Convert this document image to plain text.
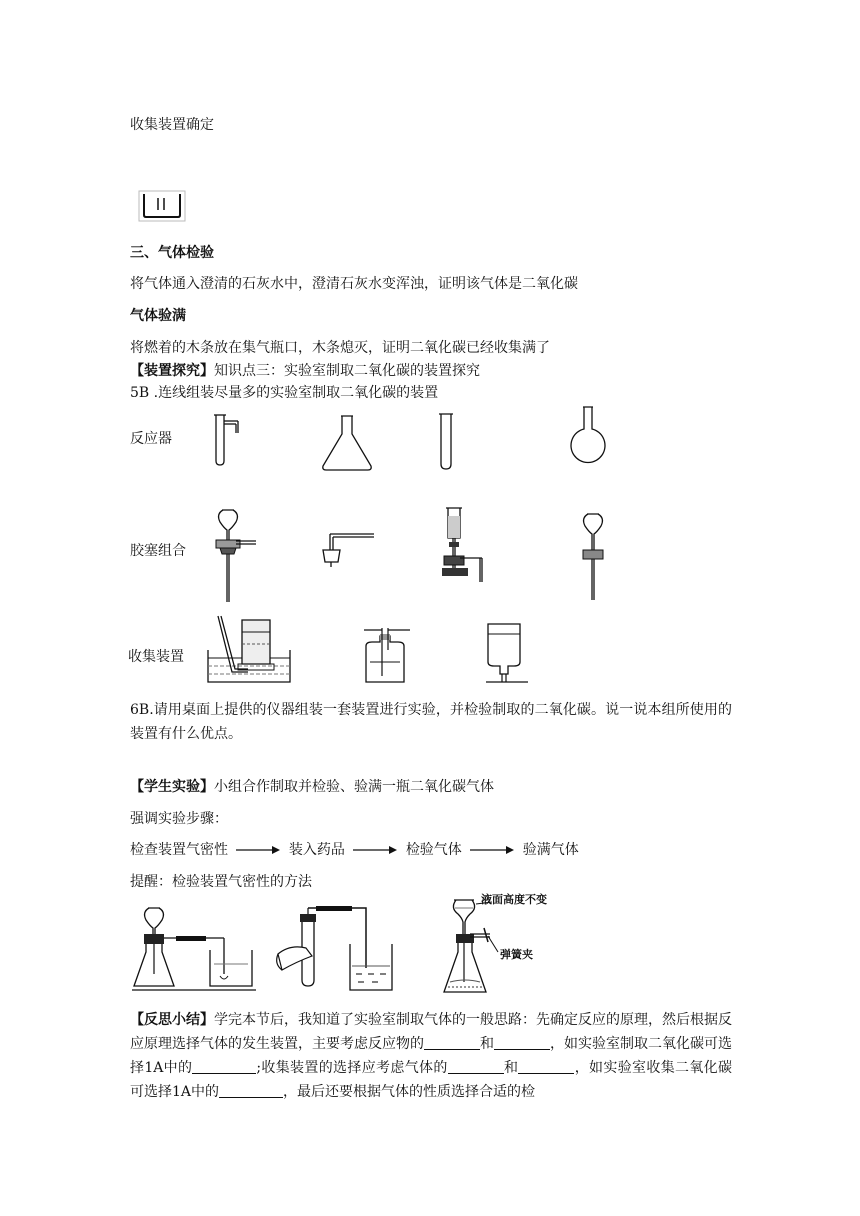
收集装置确定
三、气体检验
将气体通入澄清的石灰水中，澄清石灰水变浑浊，证明该气体是二氧化碳
气体验满
将燃着的木条放在集气瓶口，木条熄灭，证明二氧化碳已经收集满了
【装置探究】知识点三：实验室制取二氧化碳的装置探究
5B .连线组装尽量多的实验室制取二氧化碳的装置
反应器
胶塞组合
收集装置
6B.请用桌面上提供的仪器组装一套装置进行实验，并检验制取的二氧化碳。说一说本组所使用的装置有什么优点。
【学生实验】小组合作制取并检验、验满一瓶二氧化碳气体
强调实验步骤：
检查装置气密性	装入药品	检验气体	验满气体
提醒：检验装置气密性的方法
液面高度不变
弹簧夹
【反思小结】学完本节后，我知道了实验室制取气体的一般思路：先确定反应的原理，然后根据反应原理选择气体的发生装置，主要考虑反应物的	和	，如实验室制取二氧化碳可选择1A中的	;收集装置的选择应考虑气体的	和	，如实验室收集二氧化碳可选择1A中的	，最后还要根据气体的性质选择合适的检
